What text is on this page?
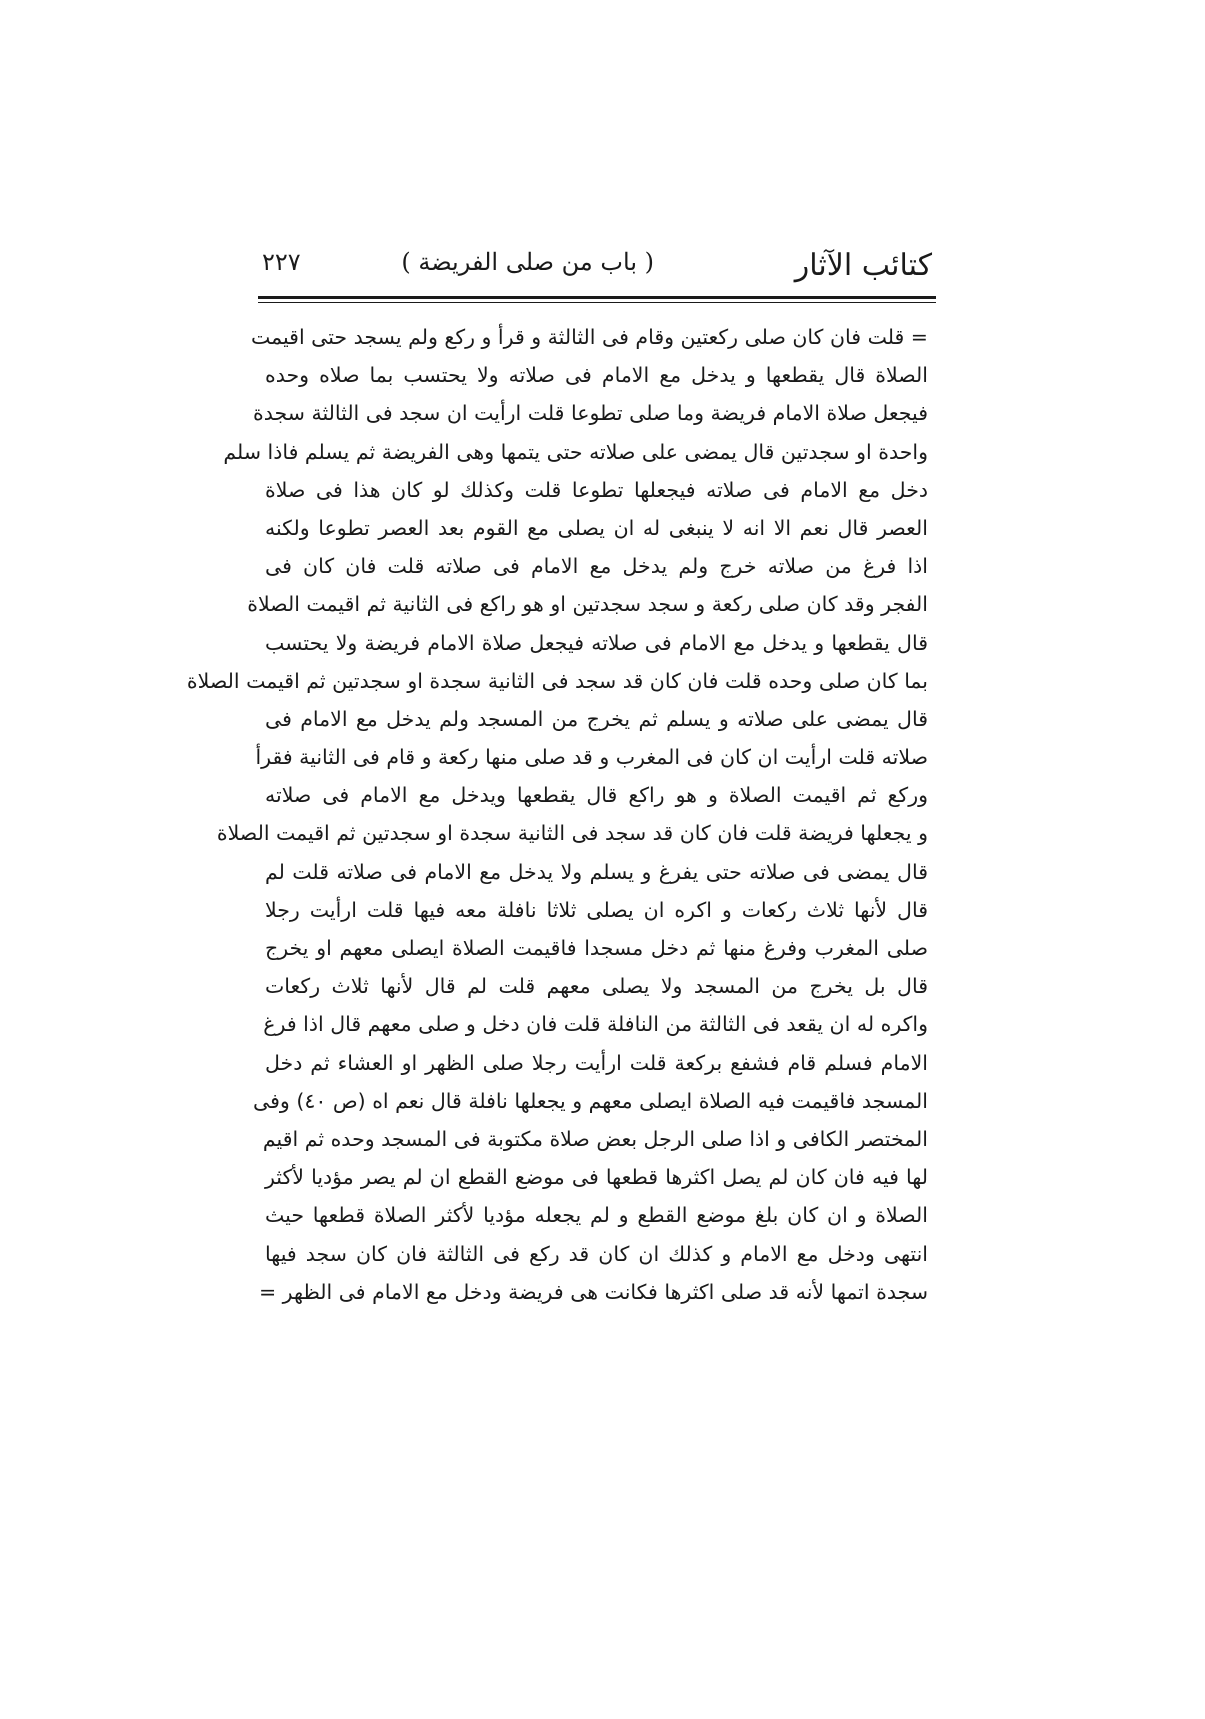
كتائب الآثار
( باب من صلى الفريضة )
٢٢٧
= قلت فان كان صلى ركعتين وقام فى الثالثة و قرأ و ركع ولم يسجد حتى اقيمت
الصلاة قال يقطعها و يدخل مع الامام فى صلاته ولا يحتسب بما صلاه وحده
فيجعل صلاة الامام فريضة وما صلى تطوعا قلت ارأيت ان سجد فى الثالثة سجدة
واحدة او سجدتين قال يمضى على صلاته حتى يتمها وهى الفريضة ثم يسلم فاذا سلم
دخل مع الامام فى صلاته فيجعلها تطوعا قلت وكذلك لو كان هذا فى صلاة
العصر قال نعم الا انه لا ينبغى له ان يصلى مع القوم بعد العصر تطوعا ولكنه
اذا فرغ من صلاته خرج ولم يدخل مع الامام فى صلاته قلت فان كان فى
الفجر وقد كان صلى ركعة و سجد سجدتين او هو راكع فى الثانية ثم اقيمت الصلاة
قال يقطعها و يدخل مع الامام فى صلاته فيجعل صلاة الامام فريضة ولا يحتسب
بما كان صلى وحده قلت فان كان قد سجد فى الثانية سجدة او سجدتين ثم اقيمت الصلاة
قال يمضى على صلاته و يسلم ثم يخرج من المسجد ولم يدخل مع الامام فى
صلاته قلت ارأيت ان كان فى المغرب و قد صلى منها ركعة و قام فى الثانية فقرأ
وركع ثم اقيمت الصلاة و هو راكع قال يقطعها ويدخل مع الامام فى صلاته
و يجعلها فريضة قلت فان كان قد سجد فى الثانية سجدة او سجدتين ثم اقيمت الصلاة
قال يمضى فى صلاته حتى يفرغ و يسلم ولا يدخل مع الامام فى صلاته قلت لم
قال لأنها ثلاث ركعات و اكره ان يصلى ثلاثا نافلة معه فيها قلت ارأيت رجلا
صلى المغرب وفرغ منها ثم دخل مسجدا فاقيمت الصلاة ايصلى معهم او يخرج
قال بل يخرج من المسجد ولا يصلى معهم قلت لم قال لأنها ثلاث ركعات
واكره له ان يقعد فى الثالثة من النافلة قلت فان دخل و صلى معهم قال اذا فرغ
الامام فسلم قام فشفع بركعة قلت ارأيت رجلا صلى الظهر او العشاء ثم دخل
المسجد فاقيمت فيه الصلاة ايصلى معهم و يجعلها نافلة قال نعم اه (ص ٤٠) وفى
المختصر الكافى و اذا صلى الرجل بعض صلاة مكتوبة فى المسجد وحده ثم اقيم
لها فيه فان كان لم يصل اكثرها قطعها فى موضع القطع ان لم يصر مؤديا لأكثر
الصلاة و ان كان بلغ موضع القطع و لم يجعله مؤديا لأكثر الصلاة قطعها حيث
انتهى ودخل مع الامام و كذلك ان كان قد ركع فى الثالثة فان كان سجد فيها
سجدة اتمها لأنه قد صلى اكثرها فكانت هى فريضة ودخل مع الامام فى الظهر =
